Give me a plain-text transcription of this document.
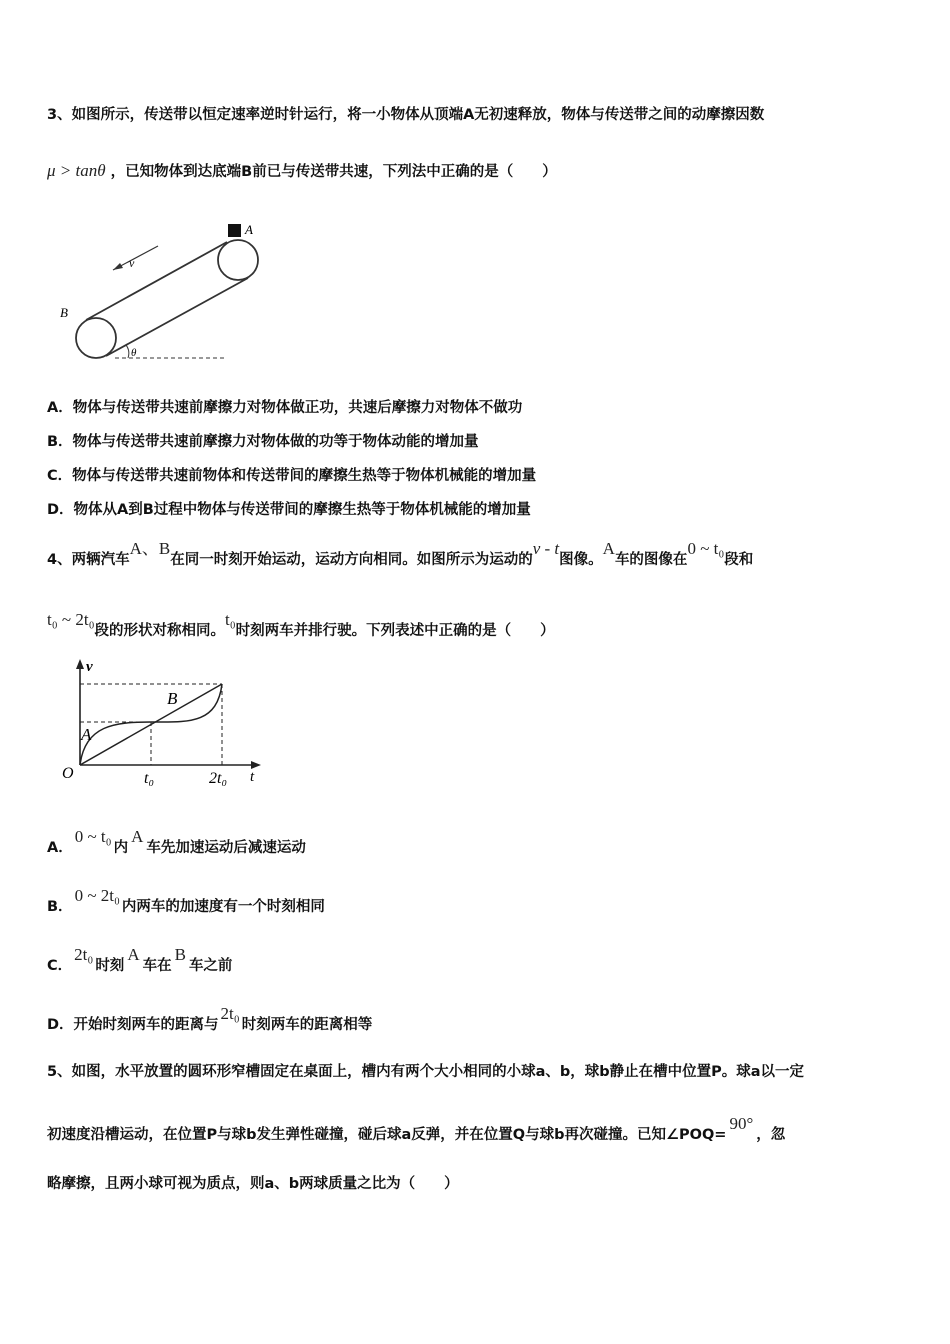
3、如图所示，传送带以恒定速率逆时针运行，将一小物体从顶端A无初速释放，物体与传送带之间的动摩擦因数
μ > tanθ ，已知物体到达底端B前已与传送带共速，下列法中正确的是（　　）
A
B
v
θ
A．物体与传送带共速前摩擦力对物体做正功，共速后摩擦力对物体不做功
B．物体与传送带共速前摩擦力对物体做的功等于物体动能的增加量
C．物体与传送带共速前物体和传送带间的摩擦生热等于物体机械能的增加量
D．物体从A到B过程中物体与传送带间的摩擦生热等于物体机械能的增加量
4、两辆汽车A、B在同一时刻开始运动，运动方向相同。如图所示为运动的v - t图像。A车的图像在0 ~ t₀段和
t₀ ~ 2t₀段的形状对称相同。t₀时刻两车并排行驶。下列表述中正确的是（　　）
v
t
O
B
A
t₀	2t₀
A．0 ~ t₀内A车先加速运动后减速运动
B．0 ~ 2t₀内两车的加速度有一个时刻相同
C．2t₀时刻A车在B车之前
D．开始时刻两车的距离与2t₀时刻两车的距离相等
5、如图，水平放置的圆环形窄槽固定在桌面上，槽内有两个大小相同的小球a、b，球b静止在槽中位置P。球a以一定
初速度沿槽运动，在位置P与球b发生弹性碰撞，碰后球a反弹，并在位置Q与球b再次碰撞。已知∠POQ=90°，忽
略摩擦，且两小球可视为质点，则a、b两球质量之比为（　　）
